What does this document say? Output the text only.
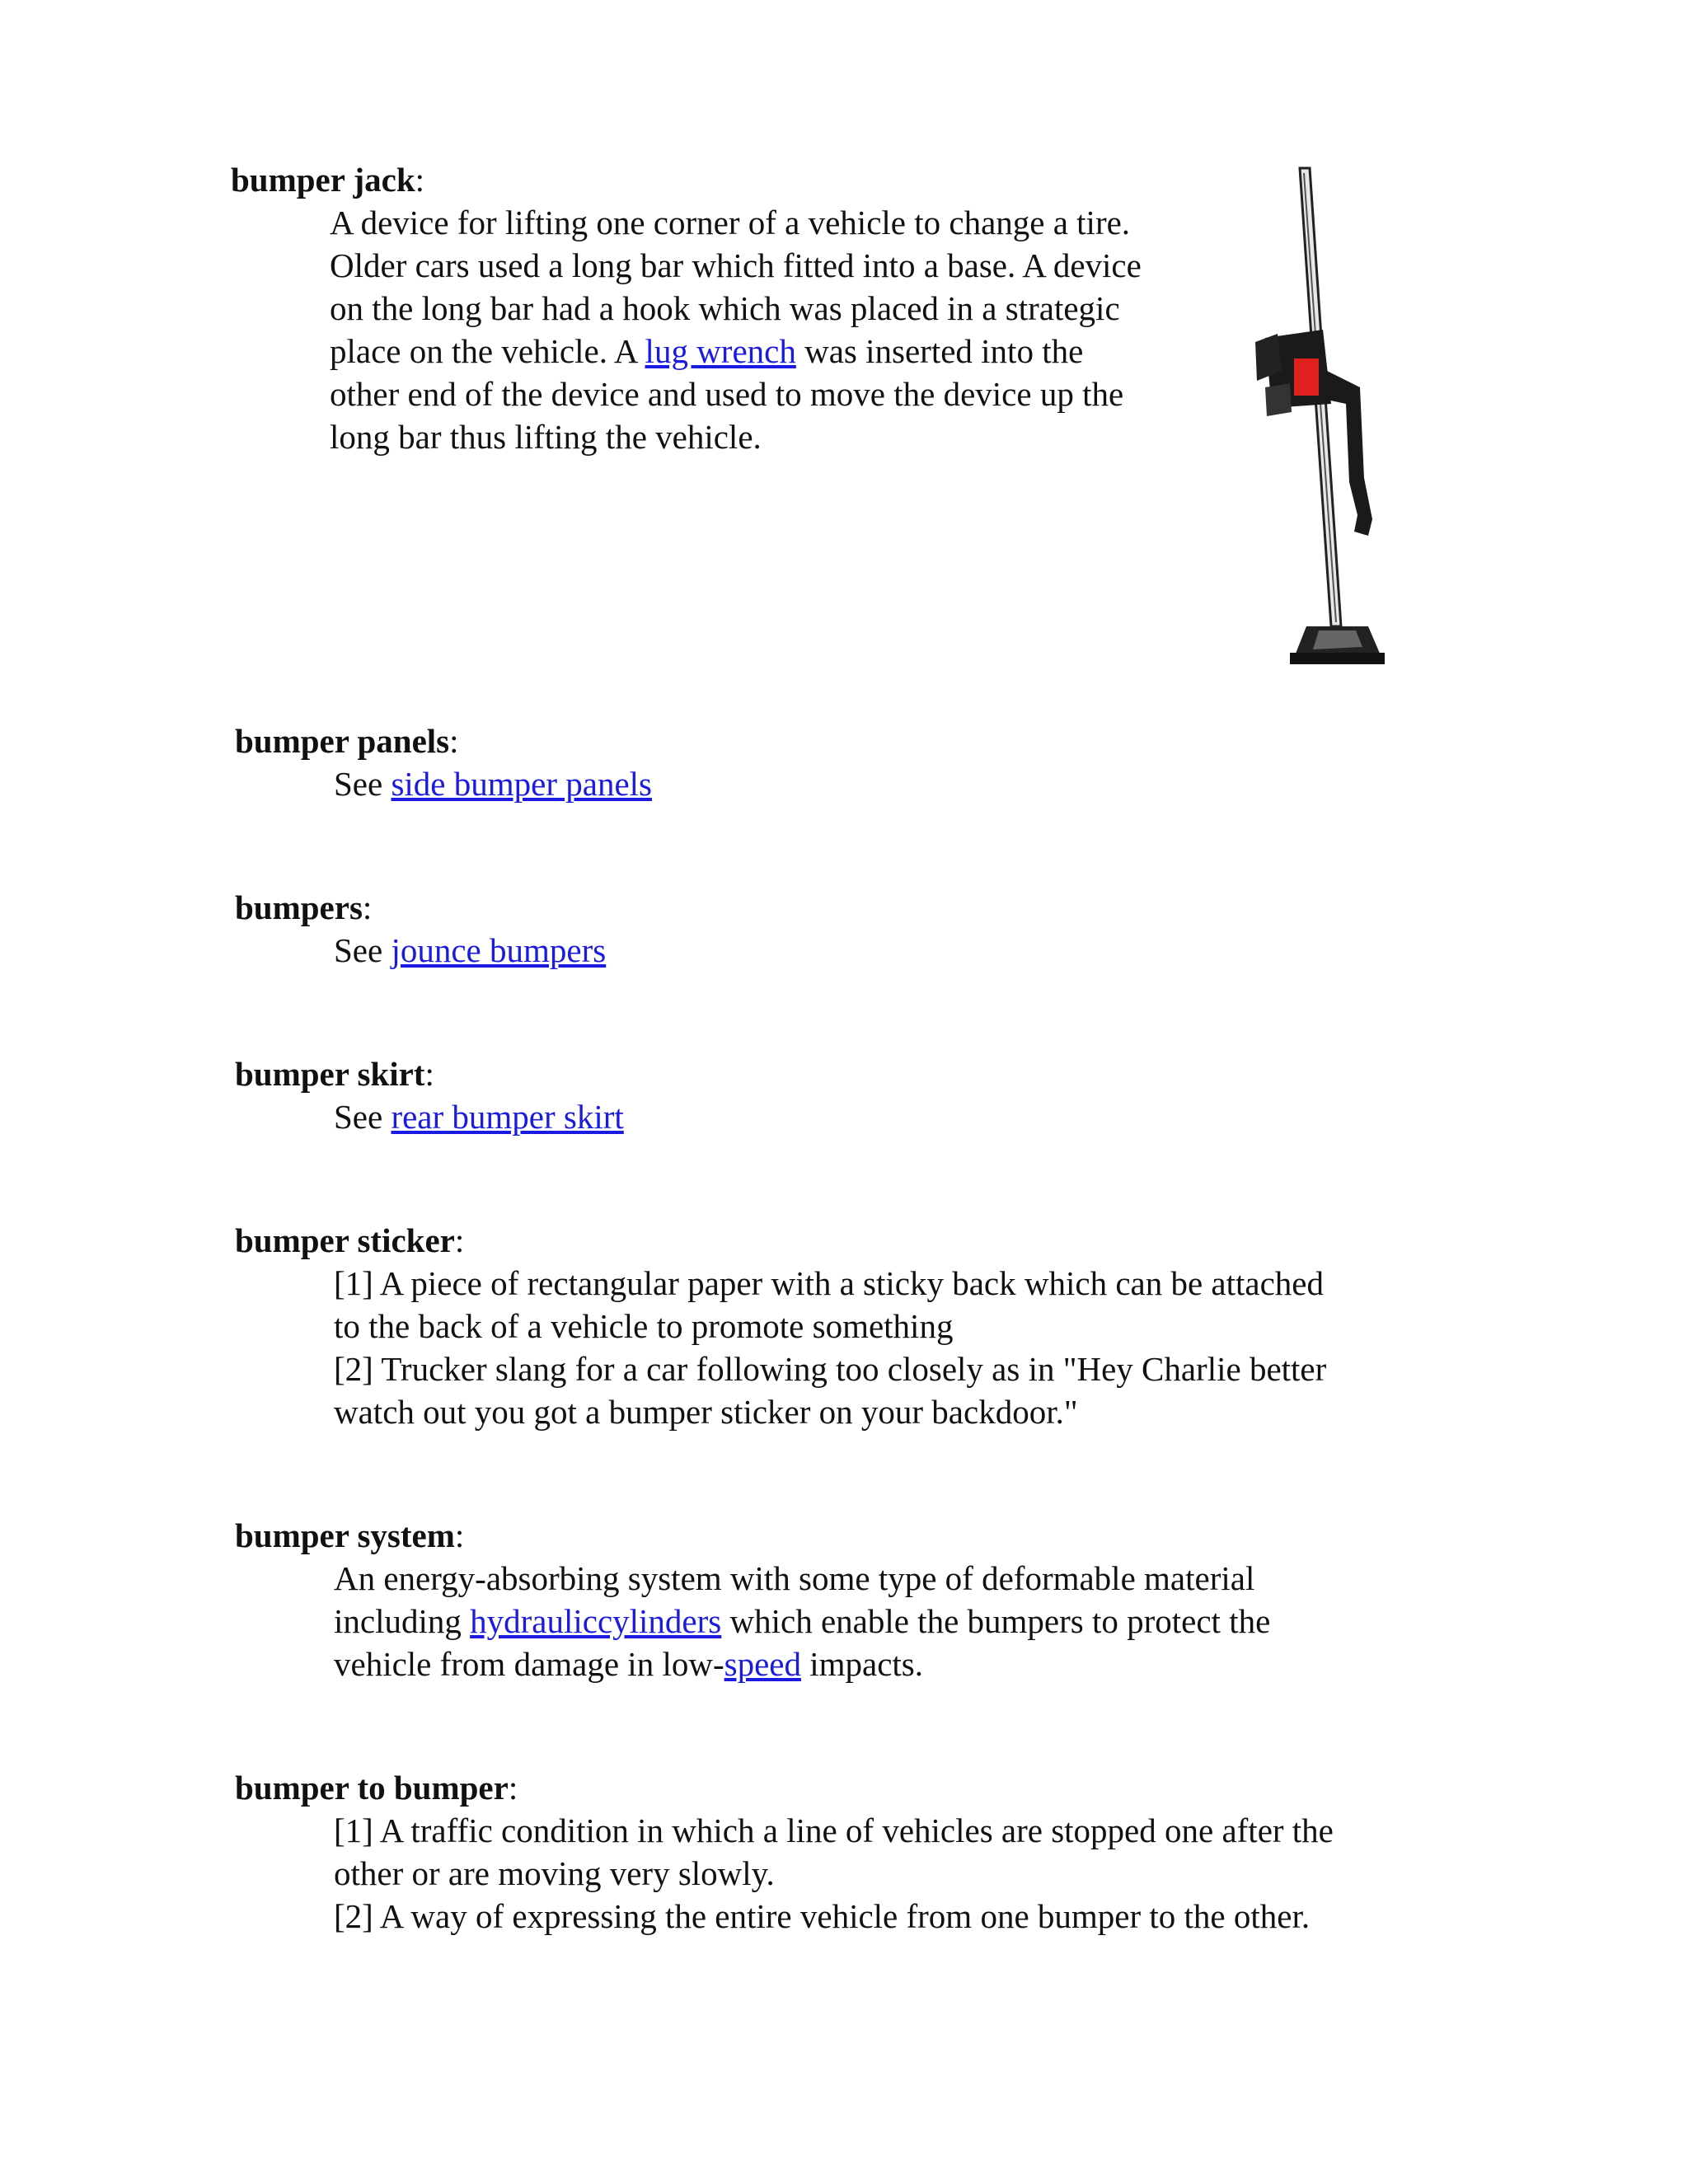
bumper jack:
A device for lifting one corner of a vehicle to change a tire.
Older cars used a long bar which fitted into a base. A device
on the long bar had a hook which was placed in a strategic
place on the vehicle. A lug wrench was inserted into the
other end of the device and used to move the device up the
long bar thus lifting the vehicle.
bumper panels:
See side bumper panels
bumpers:
See jounce bumpers
bumper skirt:
See rear bumper skirt
bumper sticker:
[1] A piece of rectangular paper with a sticky back which can be attached
to the back of a vehicle to promote something
[2] Trucker slang for a car following too closely as in "Hey Charlie better
watch out you got a bumper sticker on your backdoor."
bumper system:
An energy-absorbing system with some type of deformable material
including hydrauliccylinders which enable the bumpers to protect the
vehicle from damage in low-speed impacts.
bumper to bumper:
[1] A traffic condition in which a line of vehicles are stopped one after the
other or are moving very slowly.
[2] A way of expressing the entire vehicle from one bumper to the other.
